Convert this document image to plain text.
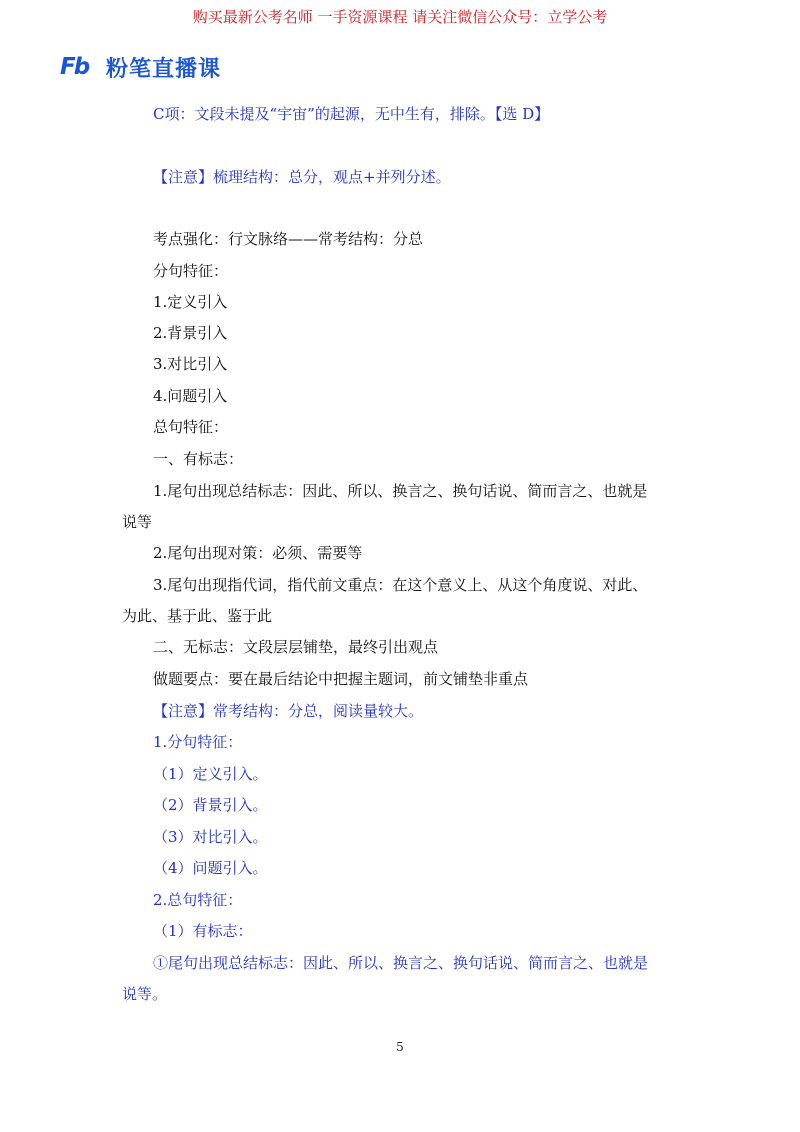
购买最新公考名师 一手资源课程 请关注微信公众号：立学公考
Fb 粉笔直播课
C项：文段未提及“宇宙”的起源，无中生有，排除。【选 D】
【注意】梳理结构：总分，观点+并列分述。
考点强化：行文脉络——常考结构：分总
分句特征：
1.定义引入
2.背景引入
3.对比引入
4.问题引入
总句特征：
一、有标志：
1.尾句出现总结标志：因此、所以、换言之、换句话说、简而言之、也就是
说等
2.尾句出现对策：必须、需要等
3.尾句出现指代词，指代前文重点：在这个意义上、从这个角度说、对此、
为此、基于此、鉴于此
二、无标志：文段层层铺垫，最终引出观点
做题要点：要在最后结论中把握主题词，前文铺垫非重点
【注意】常考结构：分总，阅读量较大。
1.分句特征：
（1）定义引入。
（2）背景引入。
（3）对比引入。
（4）问题引入。
2.总句特征：
（1）有标志：
①尾句出现总结标志：因此、所以、换言之、换句话说、简而言之、也就是
说等。
5
